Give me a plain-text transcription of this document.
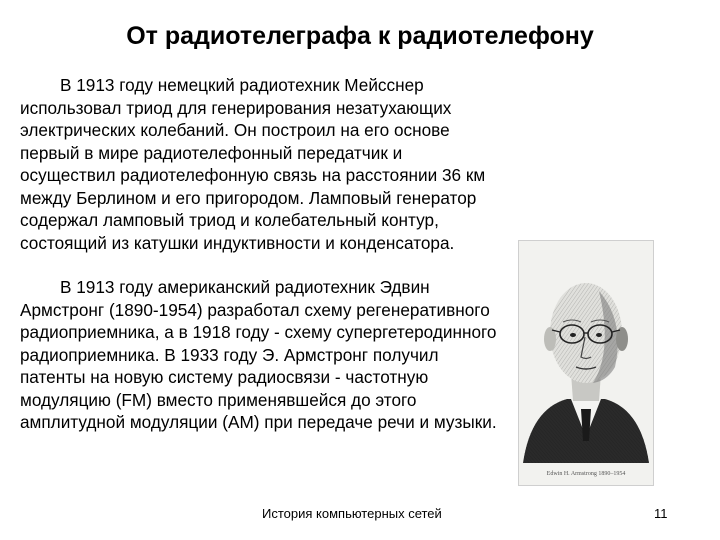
От радиотелеграфа к радиотелефону

В 1913 году немецкий радиотехник Мейсснер использовал триод для генерирования незатухающих электрических колебаний. Он построил на его основе первый в мире радиотелефонный передатчик и осуществил радиотелефонную связь на расстоянии 36 км между Берлином и его пригородом. Ламповый генератор содержал ламповый триод и колебательный контур, состоящий из катушки индуктивности и конденсатора.

В 1913 году американский радиотехник Эдвин Армстронг (1890-1954) разработал схему регенеративного радиоприемника, а в 1918 году - схему супергетеродинного радиоприемника. В 1933 году Э. Армстронг получил патенты на новую систему радиосвязи - частотную модуляцию (FM) вместо применявшейся до этого амплитудной модуляции (АМ) при передаче речи и музыки.

Edwin H. Armstrong 1890–1954
История компьютерных сетей	11
